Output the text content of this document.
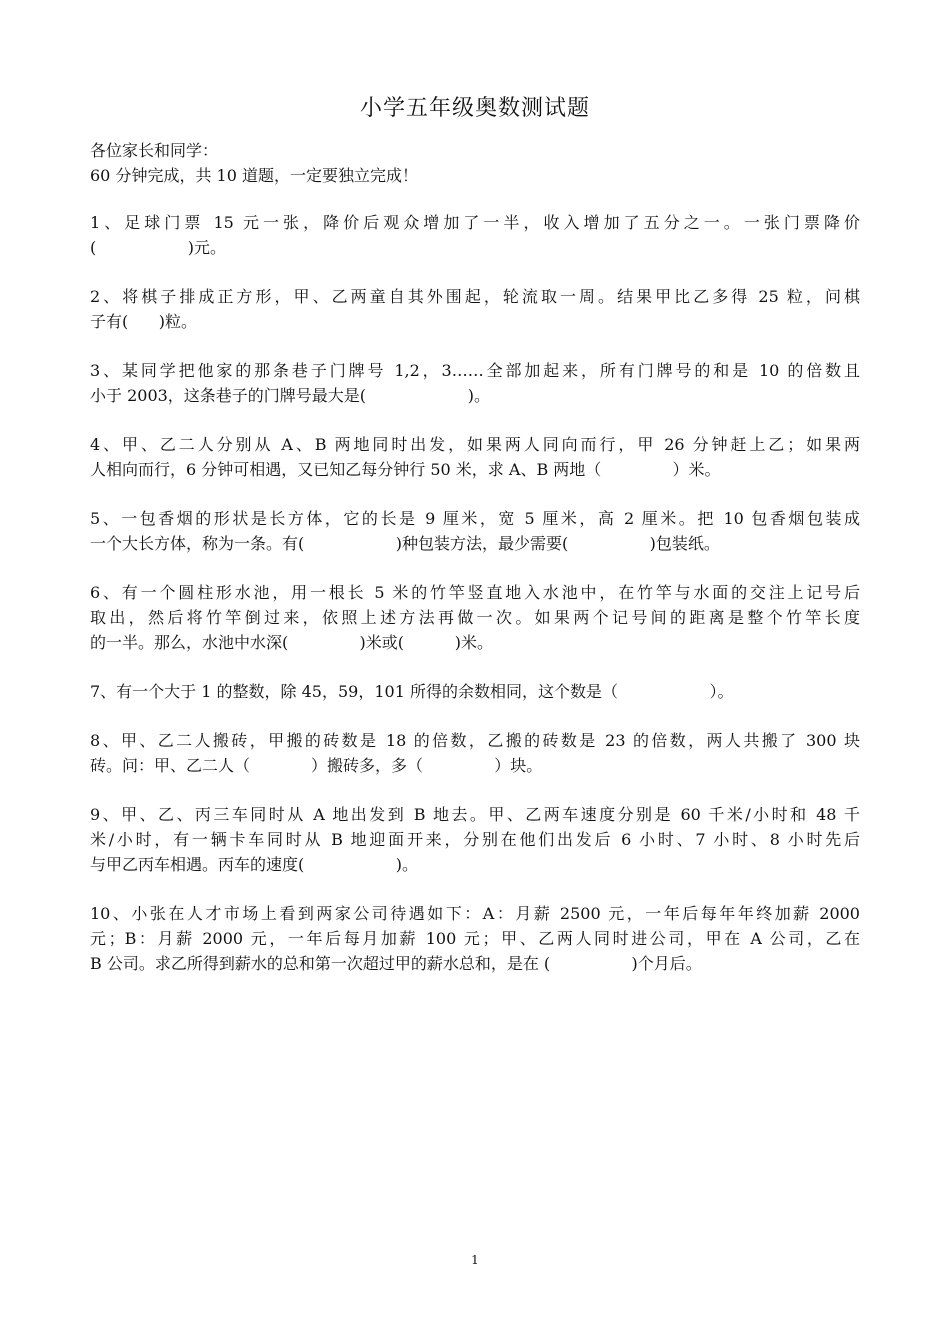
小学五年级奥数测试题
各位家长和同学：
60 分钟完成，共 10 道题，一定要独立完成！
1、足球门票 15 元一张，降价后观众增加了一半，收入增加了五分之一。一张门票降价
(                  )元。
2、将棋子排成正方形，甲、乙两童自其外围起，轮流取一周。结果甲比乙多得 25 粒，问棋
子有(      )粒。
3、某同学把他家的那条巷子门牌号 1,2，3……全部加起来，所有门牌号的和是 10 的倍数且
小于 2003，这条巷子的门牌号最大是(                    )。
4、甲、乙二人分别从 A、B 两地同时出发，如果两人同向而行，甲 26 分钟赶上乙；如果两
人相向而行，6 分钟可相遇，又已知乙每分钟行 50 米，求 A、B 两地（              ）米。
5、一包香烟的形状是长方体，它的长是 9 厘米，宽 5 厘米，高 2 厘米。把 10 包香烟包装成
一个大长方体，称为一条。有(                  )种包装方法，最少需要(                )包装纸。
6、有一个圆柱形水池，用一根长 5 米的竹竿竖直地入水池中，在竹竿与水面的交注上记号后
取出，然后将竹竿倒过来，依照上述方法再做一次。如果两个记号间的距离是整个竹竿长度
的一半。那么，水池中水深(              )米或(          )米。
7、有一个大于 1 的整数，除 45，59，101 所得的余数相同，这个数是（                  ）。
8、甲、乙二人搬砖，甲搬的砖数是 18 的倍数，乙搬的砖数是 23 的倍数，两人共搬了 300 块
砖。问：甲、乙二人（            ）搬砖多，多（              ）块。
9、甲、乙、丙三车同时从 A 地出发到 B 地去。甲、乙两车速度分别是 60 千米/小时和 48 千
米/小时，有一辆卡车同时从 B 地迎面开来，分别在他们出发后 6 小时、7 小时、8 小时先后
与甲乙丙车相遇。丙车的速度(                  )。
10、小张在人才市场上看到两家公司待遇如下：A：月薪 2500 元，一年后每年年终加薪 2000
元；B：月薪 2000 元，一年后每月加薪 100 元；甲、乙两人同时进公司，甲在 A 公司，乙在
B 公司。求乙所得到薪水的总和第一次超过甲的薪水总和，是在 (                )个月后。
1
